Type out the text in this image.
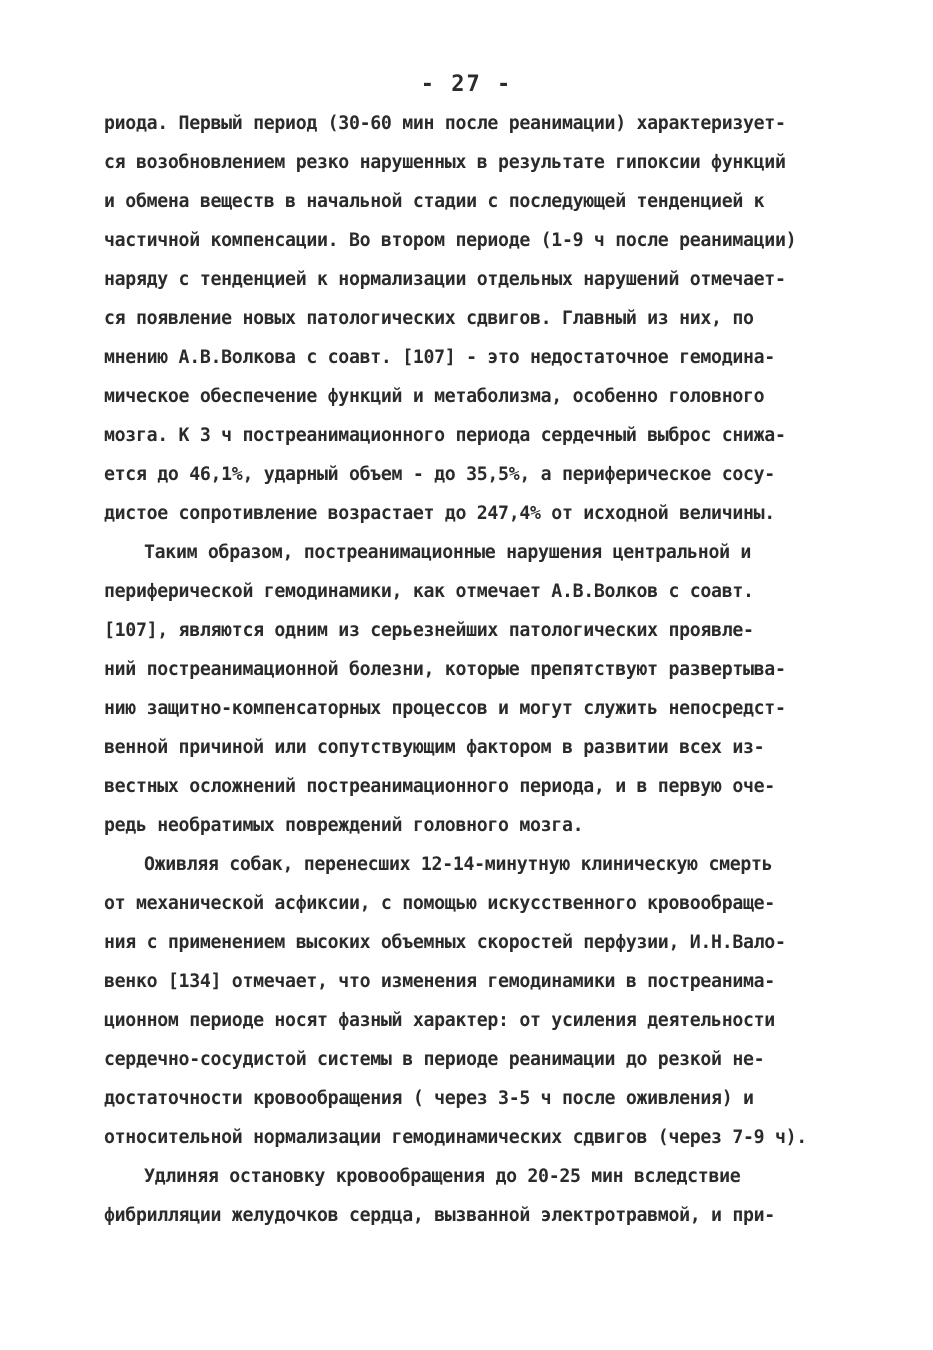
- 27 -
риода. Первый период (30-60 мин после реанимации) характеризует-
ся возобновлением резко нарушенных в результате гипоксии функций
и обмена веществ в начальной стадии с последующей тенденцией к
частичной компенсации. Во втором периоде (1-9 ч после реанимации)
наряду с тенденцией к нормализации отдельных нарушений отмечает-
ся появление новых патологических сдвигов. Главный из них, по
мнению А.В.Волкова с соавт. [107] - это недостаточное гемодина-
мическое обеспечение функций и метаболизма, особенно головного
мозга. К 3 ч постреанимационного периода сердечный выброс снижа-
ется до 46,1%, ударный объем - до 35,5%, а периферическое сосу-
дистое сопротивление возрастает до 247,4% от исходной величины.
Таким образом, постреанимационные нарушения центральной и
периферической гемодинамики, как отмечает А.В.Волков с соавт.
[107], являются одним из серьезнейших патологических проявле-
ний постреанимационной болезни, которые препятствуют развертыва-
нию защитно-компенсаторных процессов и могут служить непосредст-
венной причиной или сопутствующим фактором в развитии всех из-
вестных осложнений постреанимационного периода, и в первую оче-
редь необратимых повреждений головного мозга.
Оживляя собак, перенесших 12-14-минутную клиническую смерть
от механической асфиксии, с помощью искусственного кровообраще-
ния с применением высоких объемных скоростей перфузии, И.Н.Вало-
венко [134] отмечает, что изменения гемодинамики в постреанима-
ционном периоде носят фазный характер: от усиления деятельности
сердечно-сосудистой системы в периоде реанимации до резкой не-
достаточности кровообращения ( через 3-5 ч после оживления) и
относительной нормализации гемодинамических сдвигов (через 7-9 ч).
Удлиняя остановку кровообращения до 20-25 мин вследствие
фибрилляции желудочков сердца, вызванной электротравмой, и при-
